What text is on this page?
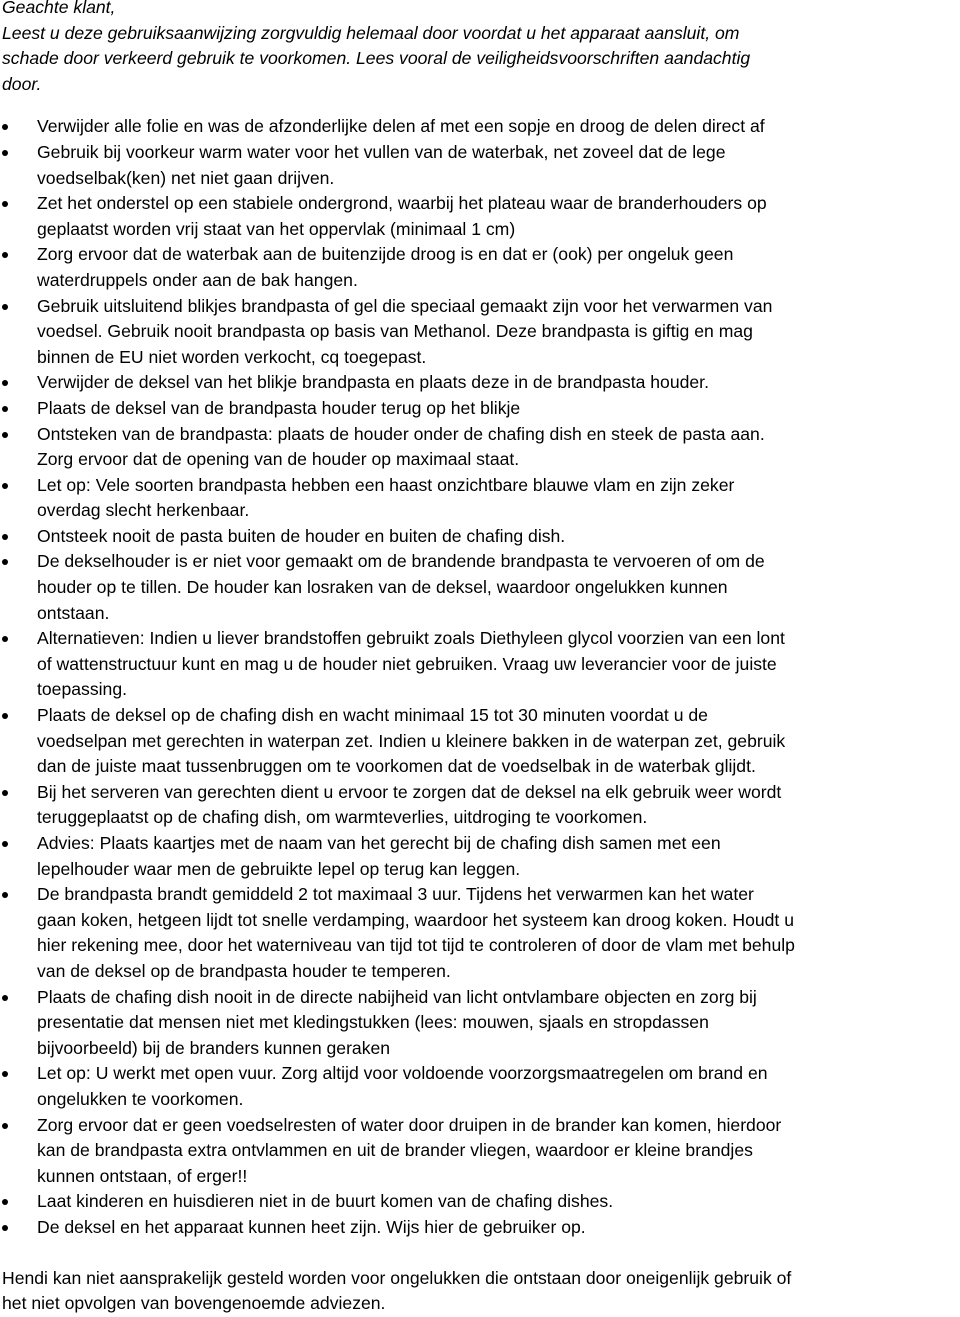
Geachte klant,
Leest u deze gebruiksaanwijzing zorgvuldig helemaal door voordat u het apparaat aansluit, om
schade door verkeerd gebruik te voorkomen. Lees vooral de veiligheidsvoorschriften aandachtig
door.
Verwijder alle folie en was de afzonderlijke delen af met een sopje en droog de delen direct af
Gebruik bij voorkeur warm water voor het vullen van de waterbak, net zoveel dat de lege
voedselbak(ken) net niet gaan drijven.
Zet het onderstel op een stabiele ondergrond, waarbij het plateau waar de branderhouders op
geplaatst worden vrij staat van het oppervlak (minimaal 1 cm)
Zorg ervoor dat de waterbak aan de buitenzijde droog is en dat er (ook) per ongeluk geen
waterdruppels onder aan de bak hangen.
Gebruik uitsluitend blikjes brandpasta of gel die speciaal gemaakt zijn voor het verwarmen van
voedsel. Gebruik nooit brandpasta op basis van Methanol. Deze brandpasta is giftig en mag
binnen de EU niet worden verkocht, cq toegepast.
Verwijder de deksel van het blikje brandpasta en plaats deze in de brandpasta houder.
Plaats de deksel van de brandpasta houder terug op het blikje
Ontsteken van de brandpasta: plaats de houder onder de chafing dish en steek de pasta aan.
Zorg ervoor dat de opening van de houder op maximaal staat.
Let op: Vele soorten brandpasta hebben een haast onzichtbare blauwe vlam en zijn zeker
overdag slecht herkenbaar.
Ontsteek nooit de pasta buiten de houder en buiten de chafing dish.
De dekselhouder is er niet voor gemaakt om de brandende brandpasta te vervoeren of om de
houder op te tillen. De houder kan losraken van de deksel, waardoor ongelukken kunnen
ontstaan.
Alternatieven: Indien u liever brandstoffen gebruikt zoals Diethyleen glycol voorzien van een lont
of wattenstructuur kunt en mag u de houder niet gebruiken. Vraag uw leverancier voor de juiste
toepassing.
Plaats de deksel op de chafing dish en wacht minimaal 15 tot 30 minuten voordat u de
voedselpan met gerechten in waterpan zet. Indien u kleinere bakken in de waterpan zet, gebruik
dan de juiste maat tussenbruggen om te voorkomen dat de voedselbak in de waterbak glijdt.
Bij het serveren van gerechten dient u ervoor te zorgen dat de deksel na elk gebruik weer wordt
teruggeplaatst op de chafing dish, om warmteverlies, uitdroging te voorkomen.
Advies: Plaats kaartjes met de naam van het gerecht bij de chafing dish samen met een
lepelhouder waar men de gebruikte lepel op terug kan leggen.
De brandpasta brandt gemiddeld 2 tot maximaal 3 uur. Tijdens het verwarmen kan het water
gaan koken, hetgeen lijdt tot snelle verdamping, waardoor het systeem kan droog koken. Houdt u
hier rekening mee, door het waterniveau van tijd tot tijd te controleren of door de vlam met behulp
van de deksel op de brandpasta houder te temperen.
Plaats de chafing dish nooit in de directe nabijheid van licht ontvlambare objecten en zorg bij
presentatie dat mensen niet met kledingstukken (lees: mouwen, sjaals en stropdassen
bijvoorbeeld) bij de branders kunnen geraken
Let op: U werkt met open vuur. Zorg altijd voor voldoende voorzorgsmaatregelen om brand en
ongelukken te voorkomen.
Zorg ervoor dat er geen voedselresten of water door druipen in de brander kan komen, hierdoor
kan de brandpasta extra ontvlammen en uit de brander vliegen, waardoor er kleine brandjes
kunnen ontstaan, of erger!!
Laat kinderen en huisdieren niet in de buurt komen van de chafing dishes.
De deksel en het apparaat kunnen heet zijn. Wijs hier de gebruiker op.
Hendi kan niet aansprakelijk gesteld worden voor ongelukken die ontstaan door oneigenlijk gebruik of
het niet opvolgen van bovengenoemde adviezen.
